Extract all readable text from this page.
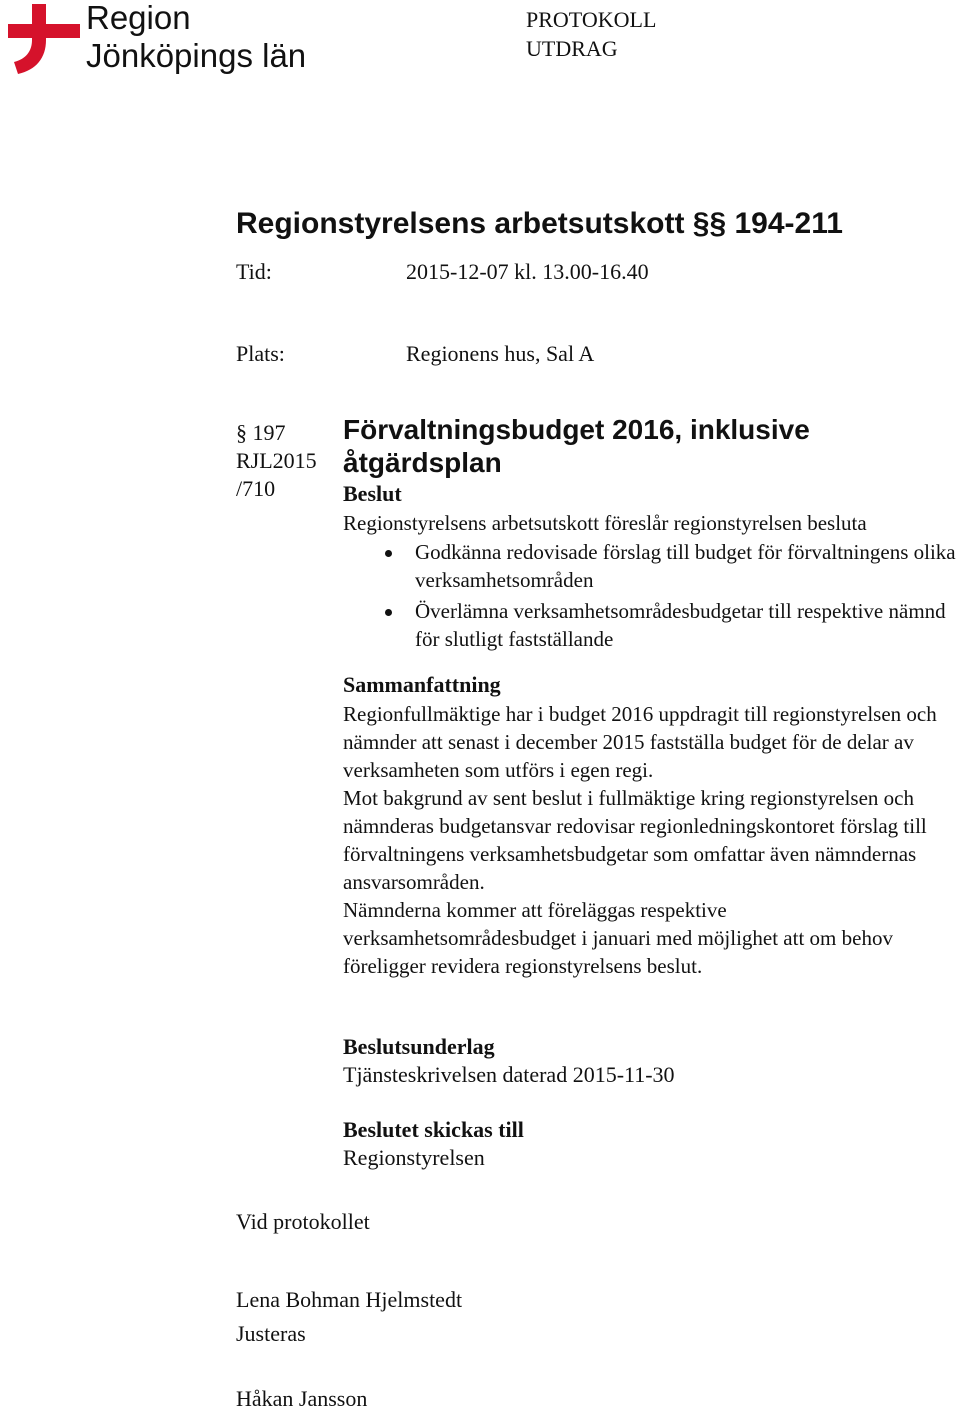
Region
Jönköpings län
PROTOKOLL
UTDRAG
Regionstyrelsens arbetsutskott §§ 194-211
Tid:	2015-12-07 kl. 13.00-16.40
Plats:	Regionens hus, Sal A
§ 197
RJL2015
/710
Förvaltningsbudget 2016, inklusive åtgärdsplan
Beslut
Regionstyrelsens arbetsutskott föreslår regionstyrelsen besluta
Godkänna redovisade förslag till budget för förvaltningens olika verksamhetsområden
Överlämna verksamhetsområdesbudgetar till respektive nämnd för slutligt fastställande
Sammanfattning
Regionfullmäktige har i budget 2016 uppdragit till regionstyrelsen och nämnder att senast i december 2015 fastställa budget för de delar av verksamheten som utförs i egen regi.
Mot bakgrund av sent beslut i fullmäktige kring regionstyrelsen och nämnderas budgetansvar redovisar regionledningskontoret förslag till förvaltningens verksamhetsbudgetar som omfattar även nämndernas ansvarsområden.
Nämnderna kommer att föreläggas respektive verksamhetsområdesbudget i januari med möjlighet att om behov föreligger revidera regionstyrelsens beslut.
Beslutsunderlag
Tjänsteskrivelsen daterad 2015-11-30
Beslutet skickas till
Regionstyrelsen
Vid protokollet
Lena Bohman Hjelmstedt
Justeras
Håkan Jansson
